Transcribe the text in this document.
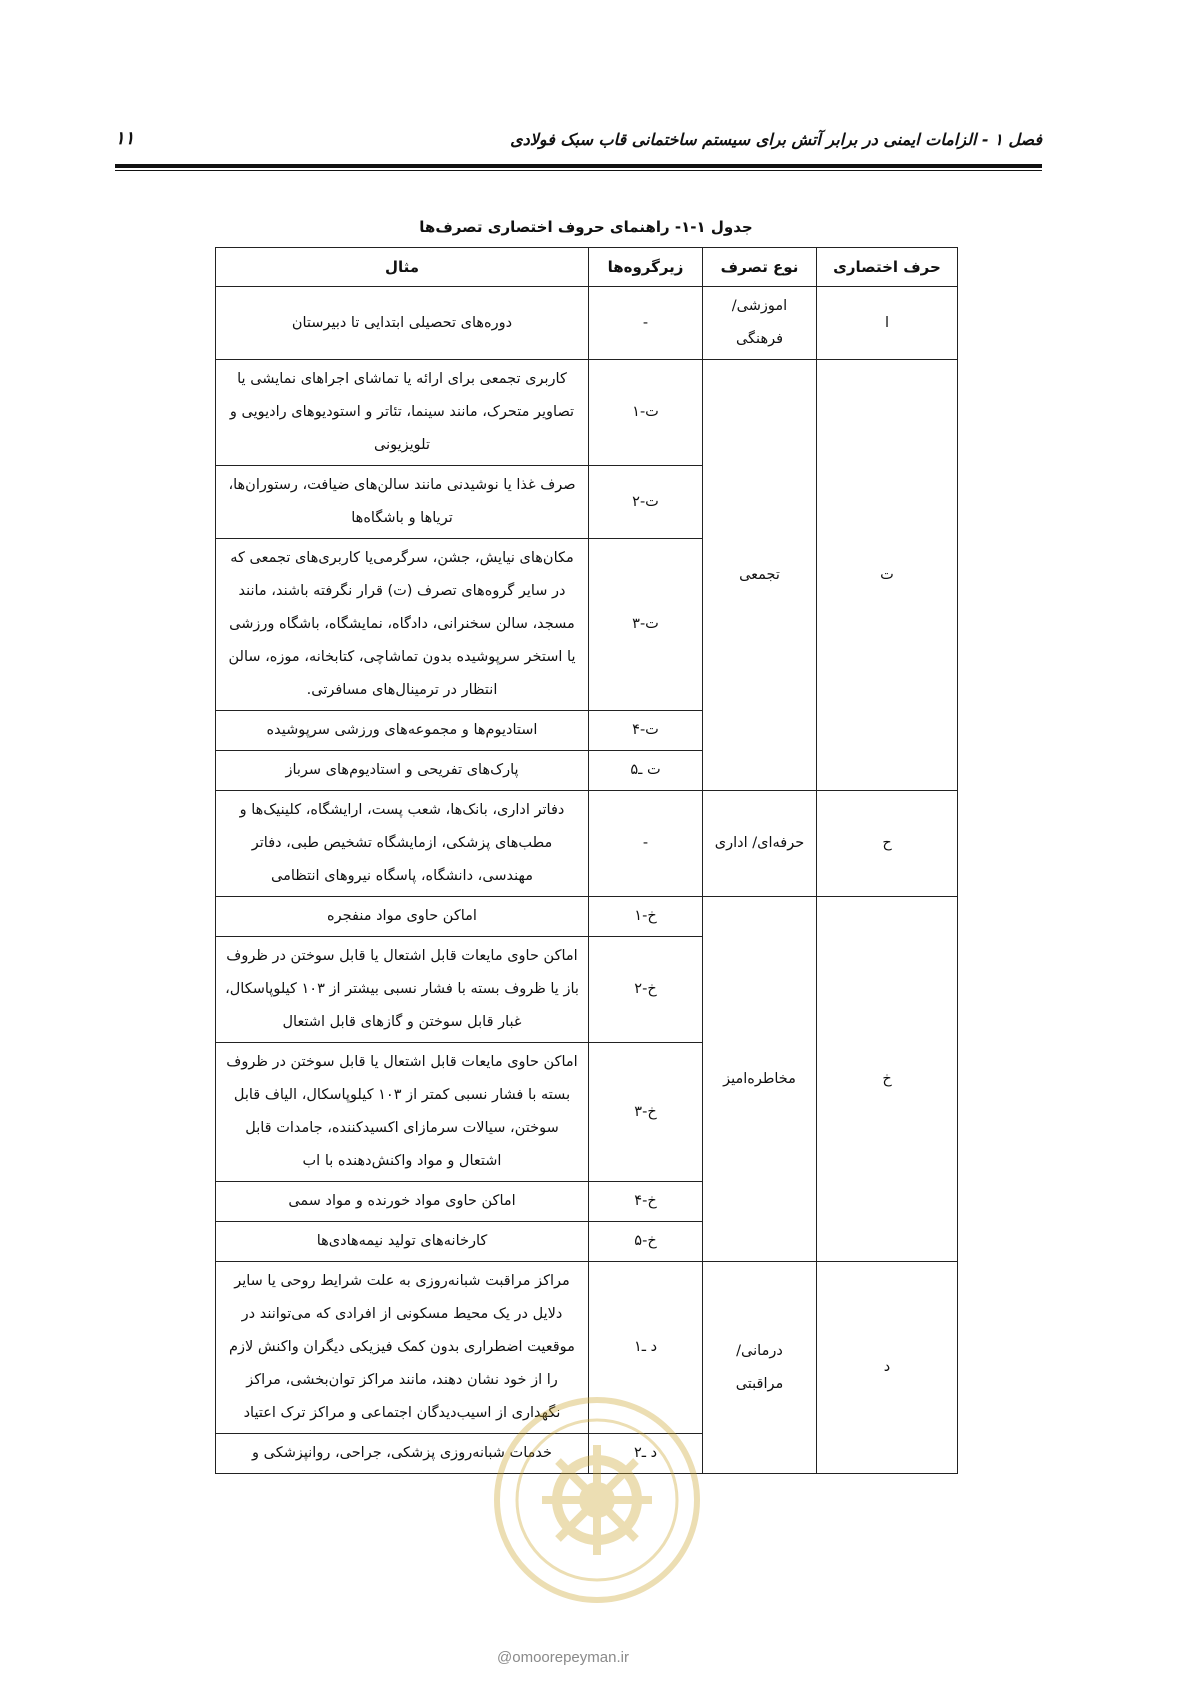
فصل ۱ - الزامات ایمنی در برابر آتش برای سیستم ساختمانی قاب سبک فولادی
۱۱
جدول ۱-۱- راهنمای حروف اختصاری تصرف‌ها
حرف اختصاری	نوع تصرف	زیرگروه‌ها	مثال
ا	اموزشی/ فرهنگی	-	دوره‌های تحصیلی ابتدایی تا دبیرستان
ت	تجمعی	ت-۱	کاربری تجمعی برای ارائه یا تماشای اجراهای نمایشی یا تصاویر متحرک، مانند سینما، تئاتر و استودیوهای رادیویی و تلویزیونی
		ت-۲	صرف غذا یا نوشیدنی مانند سالن‌های ضیافت، رستوران‌ها، تریاها و باشگاه‌ها
		ت-۳	مکان‌های نیایش، جشن، سرگرمی‌یا کاربری‌های تجمعی که در سایر گروه‌های تصرف (ت) قرار نگرفته باشند، مانند مسجد، سالن سخنرانی، دادگاه، نمایشگاه، باشگاه ورزشی یا استخر سرپوشیده بدون تماشاچی، کتابخانه، موزه، سالن انتظار در ترمینال‌های مسافرتی.
		ت-۴	استادیوم‌ها و مجموعه‌های ورزشی سرپوشیده
		ت ـ۵	پارک‌های تفریحی و استادیوم‌های سرباز
ح	حرفه‌ای/ اداری	-	دفاتر اداری، بانک‌ها، شعب پست، ارایشگاه، کلینیک‌ها و مطب‌های پزشکی، ازمایشگاه تشخیص طبی، دفاتر مهندسی، دانشگاه، پاسگاه نیروهای انتظامی
خ	مخاطره‌امیز	خ-۱	اماکن حاوی مواد منفجره
		خ-۲	اماکن حاوی مایعات قابل اشتعال یا قابل سوختن در ظروف باز یا ظروف بسته با فشار نسبی بیشتر از ۱۰۳ کیلوپاسکال، غبار قابل سوختن و گازهای قابل اشتعال
		خ-۳	اماکن حاوی مایعات قابل اشتعال یا قابل سوختن در ظروف بسته با فشار نسبی کمتر از ۱۰۳ کیلوپاسکال، الیاف قابل سوختن، سیالات سرمازای اکسیدکننده، جامدات قابل اشتعال و مواد واکنش‌دهنده با اب
		خ-۴	اماکن حاوی مواد خورنده و مواد سمی
		خ-۵	کارخانه‌های تولید نیمه‌هادی‌ها
د	درمانی/ مراقبتی	د ـ۱	مراکز مراقبت شبانه‌روزی به علت شرایط روحی یا سایر دلایل در یک محیط مسکونی از افرادی که می‌توانند در موقعیت اضطراری بدون کمک فیزیکی دیگران واکنش لازم را از خود نشان دهند، مانند مراکز توان‌بخشی، مراکز نگهداری از اسیب‌دیدگان اجتماعی و مراکز ترک اعتیاد
		د ـ۲	خدمات شبانه‌روزی پزشکی، جراحی، روانپزشکی و
@omoorepeyman.ir
